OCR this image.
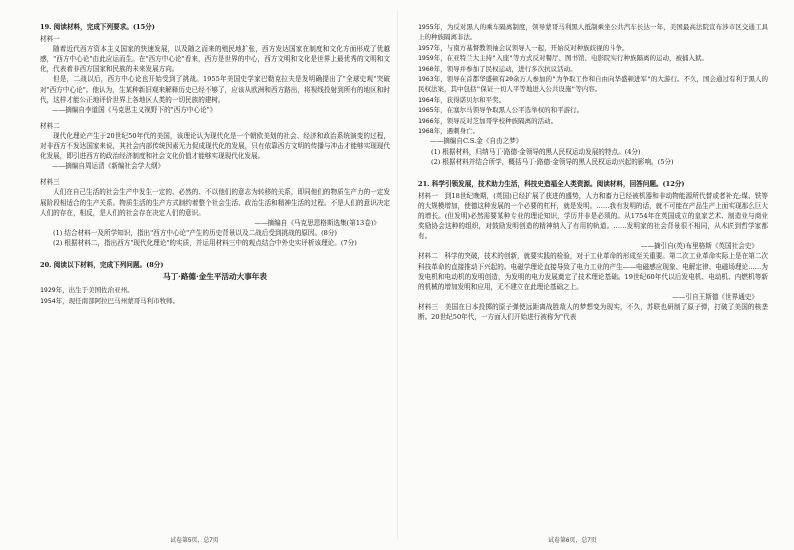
19. 阅读材料，完成下列要求。(15分)
材料一
随着近代西方资本主义国家的快速发展，以及随之而来的殖民地扩张，西方发达国家在制度和文化方面形成了优越感，"西方中心论"由此应运而生。在"西方中心论"看来，西方是世界的中心，西方文明和文化是世界上最优秀的文明和文化，代表着非西方国家和民族的未来发展方向。
但是，二战以后，西方中心论也开始受到了挑战。1955年美国史学家巴勒克拉夫是发明确提出了"全球史观"突破对"西方中心论"。他认为，生某种新旧观来解释历史已经不够了，应该从欧洲和西方路出，将视线投射到所有的地区和时代，这样才能公正地评价世界上各地区人类的一切民族的建树。
——摘编自李道国《马克思主义视野下的"西方中心论"》
材料二
现代化理论产生于20世纪50年代的美国，该理论认为现代化是一个朝欧美划的社会、经济和政治系统演变的过程，对非西方不发达国家来说，其社会内部传统因素无力促成现代化的发展，只有依靠西方文明的传播与冲击才能够实现现代化发展，即引进西方的政治经济制度和社会文化价值才能够实现现代化发展。
——摘编自周运清《新编社会学大纲》
材料三
人们在自己生活的社会生产中发生一定的、必然的、不以他们的意志为转移的关系，即同他们的物质生产力的一定发展阶段相适合的生产关系。物质生活的生产方式制约着整个社会生活、政治生活和精神生活的过程。不是人们的意识决定人们的存在，相反，是人们的社会存在决定人们的意识。
——摘编自《马克思恩格斯选集(第13卷)》
(1) 结合材料一及所学知识，指出"西方中心论"产生的历史背景以及二战后受到挑战的原因。(8分)
(2) 根据材料二，指出西方"现代化理论"的实质，并运用材料三中的观点结合中外史实评析该理论。(7分)
20. 阅读以下材料，完成下列问题。(8分)
马丁·路德·金生平活动大事年表
1929年，出生于美国佐治亚州。
1954年，现任南部阿拉巴马州蒙哥马利市牧师。
1955年，为反对黑人的乘车隔离制度，领导蒙哥马利黑人抵制乘坐公共汽车长达一年，美国最高法院宣布涉市区交通工具上的种族隔离非法。
1957年，与南方基督教领袖会议领导人一起，开始反对种族歧视的斗争。
1959年，在亚特兰大主持"入座"等方式反对餐厅、图书馆、电影院实行种族隔离的运动，被捕入狱。
1960年，领导并参加了民权运动，进行多次抗议活动。
1963年，领导在首都华盛顿有20余万人参加的"为争取工作和自由向华盛顿进军"的大游行。不久，国会通过有利于黑人的民权法案，其中包括"保证一切人平等地进入公共设施"等内容。
1964年，获得诺贝尔和平奖。
1965年，在塞尔马领导争取黑人公平选举权的和平游行。
1966年，领导反对芝加哥学校种族隔离的活动。
1968年，遇刺身亡。
——摘编自C.S.金《自由之梦》
(1) 根据材料，归纳马丁·路德·金领导的黑人民权运动发展的特点。(4分)
(2) 根据材料并结合所学，概括马丁·路德·金领导的黑人民权运动兴起的影响。(5分)
21. 科学引领发展，技术助力生活，科技史造福全人类资源。阅读材料，回答问题。(12分)
材料一　到18世纪晚期，(英国)已经扩展了获进的盛势，人力和畜力已经被机器和非动物能源所代替或者补充;煤、铁等的大规模增加，使德这种发展的一个必要的杠杆，就是发明。……我有发明的话，就不可能在产品生产上面实现那么巨大的增长。(但发明)必然需要某种专业的理论知识，学历并非是必须的。从1754年在英国成立的皇家艺术、制造业与商业奖励协会这种的组织，对鼓励发明创造的精神纳入了有用的轨道。……发明家的社会背景很不相同，从木匠到哲学家都有。
——摘引自(英)布里格斯《英国社会史》
材料二　科学的突破，技术的创新，就要实践的检验，对于工业革命的形成至关重要。第二次工业革命实际上是在第二次科技革命的直接推动下兴起的。电磁学理论直接导致了电力工业的产生——电磁感应现象、电解定律、电磁场理论……为发电机和电动机的发明创造，为发明的电力发展奠定了技术理论基础。19世纪60年代以后发电机、电动机、内燃机等新的机械的增加发明和应用，无不建立在此理论基础之上。
——引自王斯德《世界通史》
材料三　美国在日本投掷的原子弹使远距离战胜敌人的梦想变为现实，不久，苏联也研制了原子弹，打破了美国的核垄断。20世纪50年代，一方面人们开始进行被称为"代表
试卷第5页，总7页	试卷第6页，总7页
